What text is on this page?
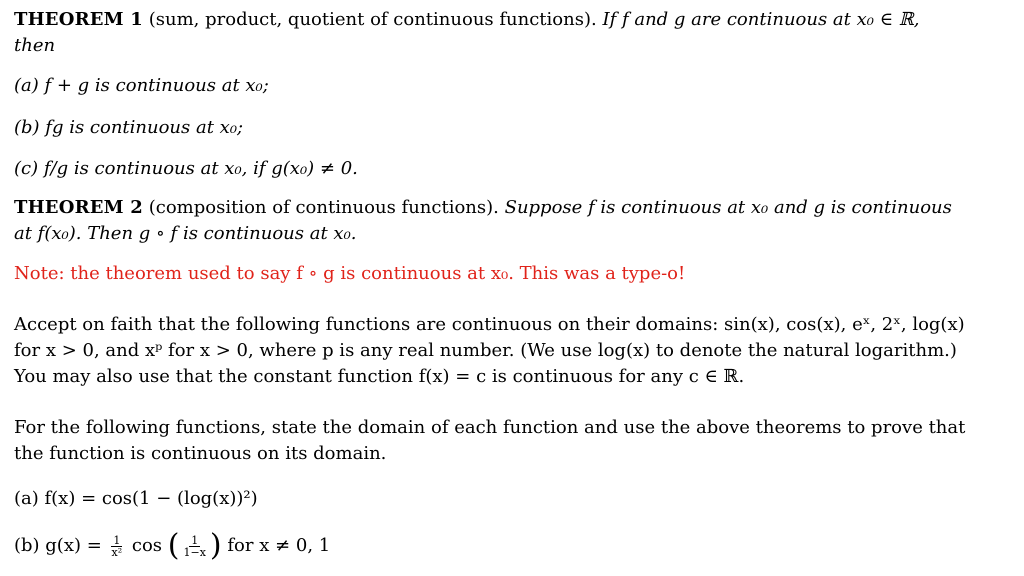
THEOREM 1 (sum, product, quotient of continuous functions). If f and g are continuous at x₀ ∈ ℝ,
then
(a) f + g is continuous at x₀;
(b) fg is continuous at x₀;
(c) f/g is continuous at x₀, if g(x₀) ≠ 0.
THEOREM 2 (composition of continuous functions). Suppose f is continuous at x₀ and g is continuous
at f(x₀). Then g ∘ f is continuous at x₀.
Note: the theorem used to say f ∘ g is continuous at x₀. This was a type-o!
Accept on faith that the following functions are continuous on their domains: sin(x), cos(x), eˣ, 2ˣ, log(x)
for x > 0, and xᵖ for x > 0, where p is any real number. (We use log(x) to denote the natural logarithm.)
You may also use that the constant function f(x) = c is continuous for any c ∈ ℝ.
For the following functions, state the domain of each function and use the above theorems to prove that
the function is continuous on its domain.
(a) f(x) = cos(1 − (log(x))²)
(b) $g(x) = \frac{1}{\text{x²}}$ cos ( $\frac{1}{1-x}$ ) for x ≠ 0, 1
